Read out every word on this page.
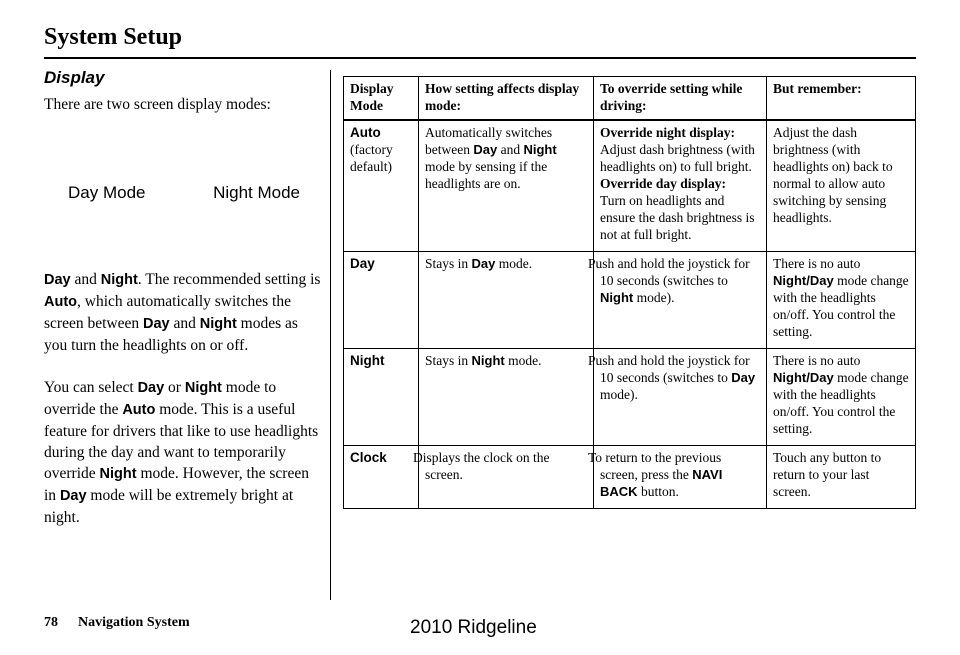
System Setup
Display

There are two screen display modes:

Day Mode	Night Mode

Day and Night. The recommended setting is Auto, which automatically switches the screen between Day and Night modes as you turn the headlights on or off.

You can select Day or Night mode to override the Auto mode. This is a useful feature for drivers that like to use headlights during the day and want to temporarily override Night mode. However, the screen in Day mode will be extremely bright at night.

Display Mode	How setting affects display mode:	To override setting while driving:	But remember:

Auto
(factory default)	Automatically switches between Day and Night mode by sensing if the headlights are on.	Override night display:
Adjust dash brightness (with headlights on) to full bright.
Override day display:
Turn on headlights and ensure the dash brightness is not at full bright.	Adjust the dash brightness (with headlights on) back to normal to allow auto switching by sensing headlights.

Day	Stays in Day mode.	Push and hold the joystick for 10 seconds (switches to Night mode).	There is no auto Night/Day mode change with the headlights on/off. You control the setting.

Night	Stays in Night mode.	Push and hold the joystick for 10 seconds (switches to Day mode).	There is no auto Night/Day mode change with the headlights on/off. You control the setting.

Clock	Displays the clock on the screen.	To return to the previous screen, press the NAVI BACK button.	Touch any button to return to your last screen.
78 Navigation System	2010 Ridgeline
